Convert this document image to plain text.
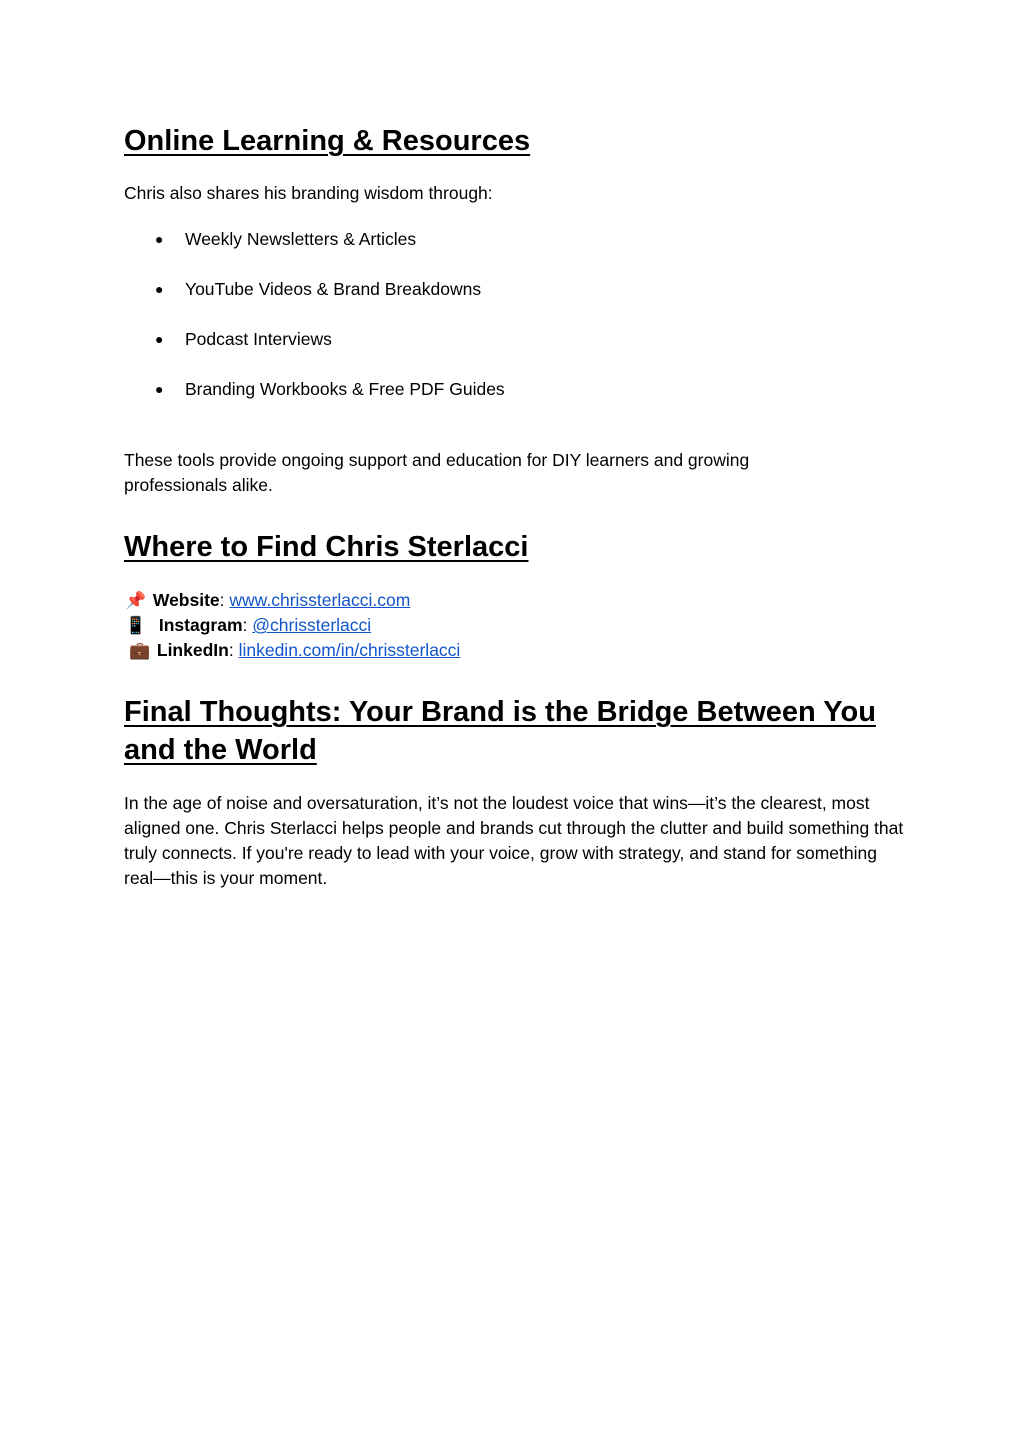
Online Learning & Resources

Chris also shares his branding wisdom through:

● Weekly Newsletters & Articles
● YouTube Videos & Brand Breakdowns
● Podcast Interviews
● Branding Workbooks & Free PDF Guides

These tools provide ongoing support and education for DIY learners and growing professionals alike.

Where to Find Chris Sterlacci
📌 Website: www.chrissterlacci.com
📱 Instagram: @chrissterlacci
💼 LinkedIn: linkedin.com/in/chrissterlacci
Final Thoughts: Your Brand is the Bridge Between You and the World

In the age of noise and oversaturation, it’s not the loudest voice that wins—it’s the clearest, most aligned one. Chris Sterlacci helps people and brands cut through the clutter and build something that truly connects. If you're ready to lead with your voice, grow with strategy, and stand for something real—this is your moment.
